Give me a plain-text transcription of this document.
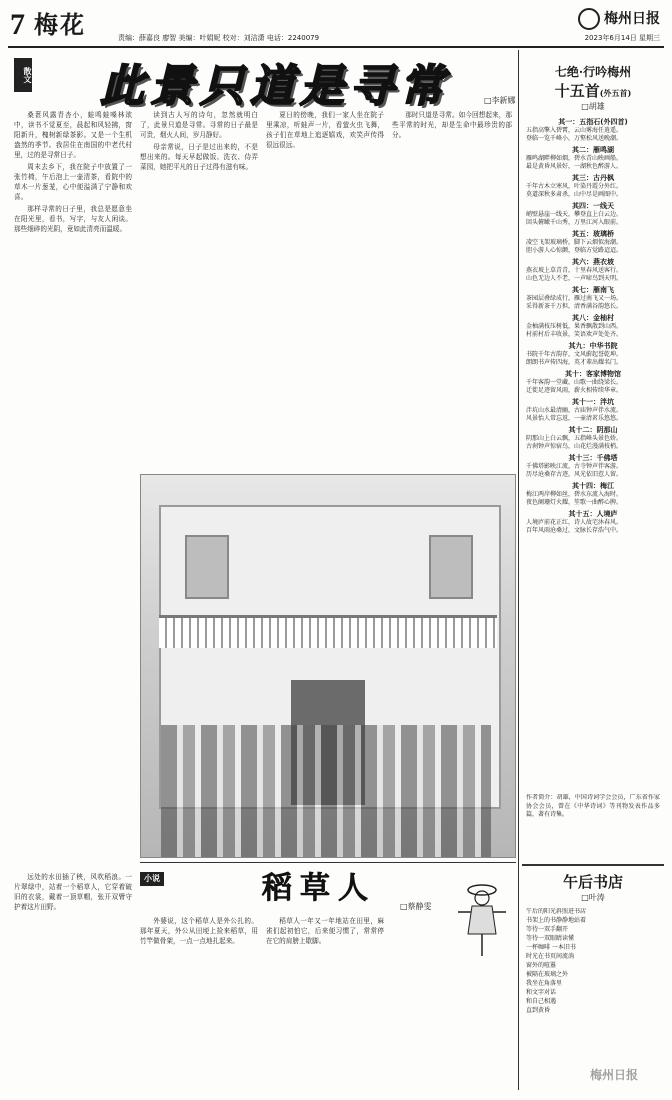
7 梅花	责编：薛嘉良 廖智 美编：叶娟妮 校对：刘洁潇 电话：2240079
梅州日报
2023年6月14日 星期三
散文 此景只道是寻常	□李新娜

桑葚风露青杏小，蛙鸣蛙嗓林欲中，读书不觉夏至，晨起和风轻拂，窗阳新升，槐树新绿茶影。又是一个生机盎然的季节。我居住在南国的中老代村里，过的是寻常日子。

周末去乡下，我在院子中放置了一张竹椅，午后泡上一壶清茶，看院中的草木一片葱茏，心中便溢满了宁静和欢喜。

那样寻常的日子里，我总是愿意坐在阳光里，看书，写字，与友人闲谈。那些细碎的光阴，竟如此清亮而温暖。

读到古人写的诗句，忽然就明白了，此景只道是寻常。寻常的日子最是可贵，烟火人间，岁月静好。

母亲常说，日子是过出来的，不是想出来的。每天早起做饭、洗衣、侍弄菜园，她把平凡的日子过得有滋有味。

夏日的傍晚，我们一家人坐在院子里乘凉，听蛙声一片，看萤火虫飞舞，孩子们在草地上追逐嬉戏，欢笑声传得很远很远。

那时只道是寻常。如今回想起来，那些平常的时光，却是生命中最珍贵的部分。

小说	稻草人
□蔡静雯

远处的水田插了秧，风吹稻浪。一片翠绿中，站着一个稻草人，它穿着破旧的衣裳，戴着一顶草帽，张开双臂守护着这片田野。

外婆说，这个稻草人是外公扎的。那年夏天，外公从田埂上捡来稻草，用竹竿做骨架，一点一点地扎起来。

稻草人一年又一年地站在田里，麻雀们起初怕它，后来便习惯了，常常停在它的肩膀上歇脚。

七绝·行吟梅州
十五首(外五首)
□胡雄
其一：五指石(外四首)
五指高擎入碧霄，云山雾海任逍遥。
登临一览千峰小，万壑松风送晚潮。
其二：雁鸣湖
雁鸣湖畔柳如烟，碧水青山映画船。
最是黄昏风景好，一湖秋色醉游人。
其三：古丹枫
千年古木立寒风，叶染丹霞分外红。
莫道深秋多肃杀，山中尽是画图中。
其四：一线天
峭壁悬崖一线天，攀登直上白云边。
回头俯瞰千山秀，万里江河入眼前。
其五：玻璃桥
凌空飞架玻璃桥，脚下云烟似海潮。
胆小游人心惊颤，登临方觉路迢迢。
其六：燕衣坡
燕衣坡上草青青，十里春风送客行。
山色无边人不老，一声啼鸟到天明。
其七：雁南飞
茶园层叠绿成行，雁过南飞又一场。
采得新茶千万担，清香满谷韵悠长。
其八：金柚村
金柚满枝压树低，果香飘散到山西。
村前村后丰收景，笑语欢声处处齐。
其九：中华书院
书院千年古韵存，文风蔚起誉乾坤。
朗朗书声传四海，英才辈出耀名门。
其十：客家博物馆
千年客韵一堂藏，山歌一曲绕梁长。
迁徙足迹留风雨，薪火相传续华章。
其十一：泮坑
泮坑山水最清幽，古庙钟声伴水流。
风景怡人常忘返，一壶清茗乐悠悠。
其十二：阴那山
阴那山上白云飘，五指峰头景色娇。
古刹钟声惊宿鸟，山花烂漫满枝梢。
其十三：千佛塔
千佛塔影映江流，古寺钟声伴客游。
历尽沧桑存古迹，风光依旧惹人留。
其十四：梅江
梅江两岸柳如丝，碧水东流入海时。
夜色阑珊灯火耀，笙歌一曲醉心脾。
其十五：人境庐
人境庐前花正红，诗人故宅沐春风。
百年风雨沧桑过，文脉长存浩气中。
作者简介：胡雄，中国诗词学会会员，广东省作家协会会员，曾在《中华诗词》等刊物发表作品多篇，著有诗集。
午后书店
□叶涛
午后的阳光斜照进书店
书架上的书静静地站着
等待一双手翻开
等待一双眼睛读懂
一杯咖啡 一本旧书
时光在书页间流淌
窗外的喧嚣
被隔在玻璃之外
我坐在角落里
和文字对话
和自己相遇
直到黄昏
梅州日报
